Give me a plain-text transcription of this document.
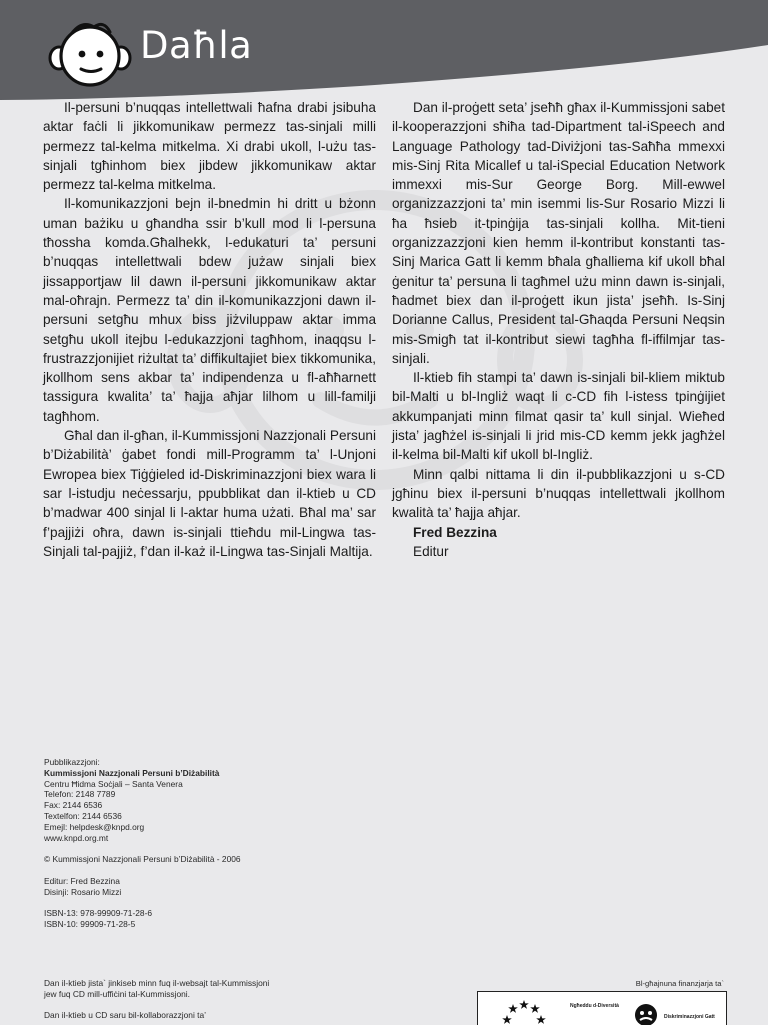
Daħla

Il-persuni b’nuqqas intellettwali ħafna drabi jsibuha aktar faċli li jikkomunikaw permezz tas-sinjali milli permezz tal-kelma mitkelma. Xi drabi ukoll, l-użu tas-sinjali tgħinhom biex jibdew jikkomunikaw aktar permezz tal-kelma mitkelma.

Il-komunikazzjoni bejn il-bnedmin hi dritt u bżonn uman bażiku u għandha ssir b’kull mod li l-persuna tħossha komda.Għalhekk, l-edukaturi ta’ persuni b’nuqqas intellettwali bdew jużaw sinjali biex jissapportjaw lil dawn il-persuni jikkomunikaw aktar mal-oħrajn. Permezz ta’ din il-komunikazzjoni dawn il-persuni setgħu mhux biss jiżviluppaw aktar imma setgħu ukoll itejbu l-edukazzjoni tagħhom, inaqqsu l-frustrazzjonijiet riżultat ta’ diffikultajiet biex tikkomunika, jkollhom sens akbar ta’ indipendenza u fl-aħħarnett tassigura kwalita’ ta’ ħajja aħjar lilhom u lill-familji tagħhom.

Għal dan il-għan, il-Kummissjoni Nazzjonali Persuni b’Diżabilità’ ġabet fondi mill-Programm ta’ l-Unjoni Ewropea biex Tiġġieled id-Diskriminazzjoni biex wara li sar l-istudju neċessarju, ppubblikat dan il-ktieb u CD b’madwar 400 sinjal li l-aktar huma użati. Bħal ma’ sar f’pajjiżi oħra, dawn is-sinjali ttieħdu mil-Lingwa tas-Sinjali tal-pajjiż, f’dan il-każ il-Lingwa tas-Sinjali Maltija.

Dan il-proġett seta’ jseħħ għax il-Kummissjoni sabet il-kooperazzjoni sħiħa tad-Dipartment tal-iSpeech and Language Pathology tad-Diviżjoni tas-Saħħa mmexxi mis-Sinj Rita Micallef u tal-iSpecial Education Network immexxi mis-Sur George Borg. Mill-ewwel organizzazzjoni ta’ min isemmi lis-Sur Rosario Mizzi li ħa ħsieb it-tpinġija tas-sinjali kollha. Mit-tieni organizzazzjoni kien hemm il-kontribut konstanti tas-Sinj Marica Gatt li kemm bħala għalliema kif ukoll bħal ġenitur ta’ persuna li tagħmel użu minn dawn is-sinjali, ħadmet biex dan il-proġett ikun jista’ jseħħ. Is-Sinj Dorianne Callus, President tal-Għaqda Persuni Neqsin mis-Smigħ tat il-kontribut siewi tagħha fl-iffilmjar tas-sinjali.

Il-ktieb fih stampi ta’ dawn is-sinjali bil-kliem miktub bil-Malti u bl-Ingliż waqt li c-CD fih l-istess tpinġijiet akkumpanjati minn filmat qasir ta’ kull sinjal. Wieħed jista’ jagħżel is-sinjali li jrid mis-CD kemm jekk jagħżel il-kelma bil-Malti kif ukoll bl-Ingliż.

Minn qalbi nittama li din il-pubblikazzjoni u s-CD jgħinu biex il-persuni b’nuqqas intellettwali jkollhom kwalità ta’ ħajja aħjar.

Fred Bezzina
Editur
Pubblikazzjoni:
Kummissjoni Nazzjonali Persuni b’Diżabilità
Centru Ħidma Soċjali – Santa Venera
Telefon: 2148 7789
Fax: 2144 6536
Textelfon: 2144 6536
Emejl: helpdesk@knpd.org
www.knpd.org.mt
© Kummissjoni Nazzjonali Persuni b’Diżabilità - 2006
Editur: Fred Bezzina
Disinji: Rosario Mizzi
ISBN-13: 978-99909-71-28-6
ISBN-10: 99909-71-28-5
Dan il-ktieb jista` jinkiseb minn fuq il-websajt tal-Kummissjoni
jew fuq CD mill-uffiċini tal-Kummissjoni.
Dan il-ktieb u CD saru bil-kollaborazzjoni ta’
Bl-għajnuna finanzjarja ta`
Ngħeddu d-Diversità
Diskriminazzjoni Gatt
